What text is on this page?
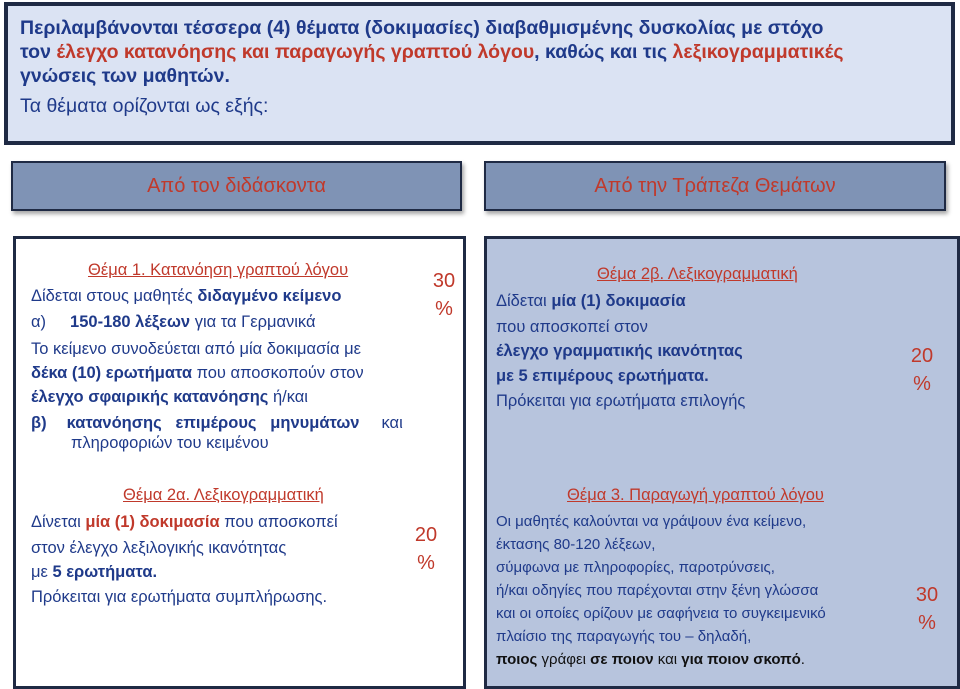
Περιλαμβάνονται τέσσερα (4) θέματα (δοκιμασίες) διαβαθμισμένης δυσκολίας με στόχο
τον έλεγχο κατανόησης και παραγωγής γραπτού λόγου, καθώς και τις λεξικογραμματικές
γνώσεις των μαθητών.
Τα θέματα ορίζονται ως εξής:
Από τον διδάσκοντα	Από την Τράπεζα Θεμάτων
Θέμα 1. Κατανόηση γραπτού λόγου	30
%
Δίδεται στους μαθητές διδαγμένο κείμενο
α) 150-180 λέξεων για τα Γερμανικά
Το κείμενο συνοδεύεται από μία δοκιμασία με
δέκα (10) ερωτήματα που αποσκοπούν στον
έλεγχο σφαιρικής κατανόησης ή/και
β) κατανόησης   επιμέρους   μηνυμάτων και
πληροφοριών του κειμένου
Θέμα 2α. Λεξικογραμματική
20
%
Δίνεται μία (1) δοκιμασία που αποσκοπεί
στον έλεγχο λεξιλογικής ικανότητας
με 5 ερωτήματα.
Πρόκειται για ερωτήματα συμπλήρωσης.
Θέμα 2β. Λεξικογραμματική
20
%
Δίδεται μία (1) δοκιμασία
που αποσκοπεί στον
έλεγχο γραμματικής ικανότητας
με 5 επιμέρους ερωτήματα.
Πρόκειται για ερωτήματα επιλογής
Θέμα 3. Παραγωγή γραπτού λόγου
30
%
Οι μαθητές καλούνται να γράψουν ένα κείμενο,
έκτασης 80-120 λέξεων,
σύμφωνα με πληροφορίες, παροτρύνσεις,
ή/και οδηγίες που παρέχονται στην ξένη γλώσσα
και οι οποίες ορίζουν με σαφήνεια το συγκειμενικό
πλαίσιο της παραγωγής του – δηλαδή,
ποιος γράφει σε ποιον και για ποιον σκοπό.
